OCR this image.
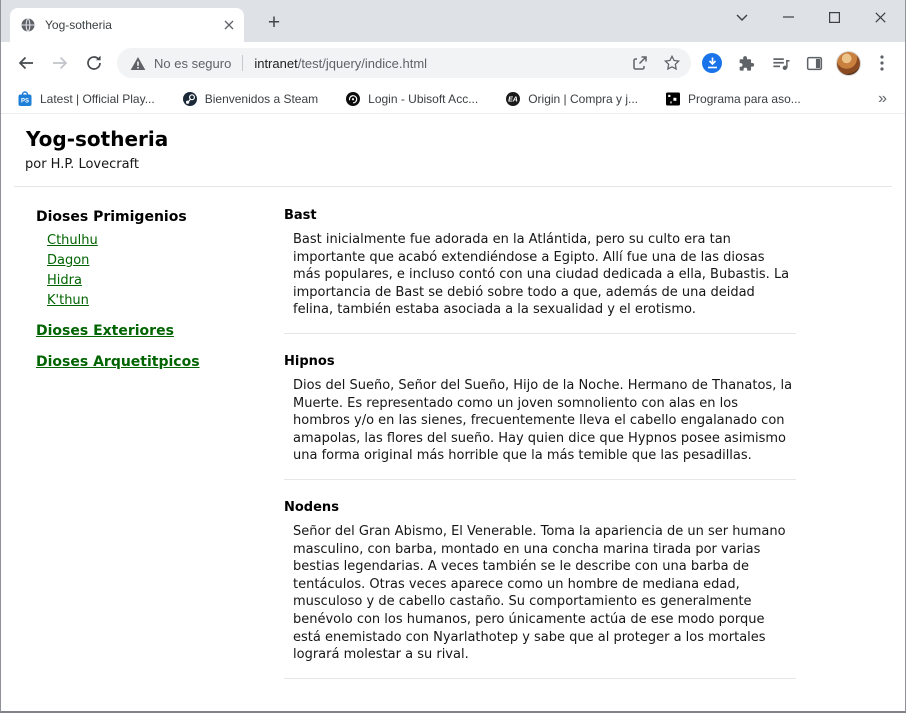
Yog-sotheria	+
No es seguro intranet/test/jquery/indice.html
PS Latest | Official Play...	Bienvenidos a Steam	Login - Ubisoft Acc...	EA Origin | Compra y j...	Programa para aso...	»
Yog-sotheria
por H.P. Lovecraft
Dioses Primigenios
Cthulhu
Dagon
Hidra
K'thun
Dioses Exteriores
Dioses Arquetitpicos
Bast

Bast inicialmente fue adorada en la Atlántida, pero su culto era tan importante que acabó extendiéndose a Egipto. Allí fue una de las diosas más populares, e incluso contó con una ciudad dedicada a ella, Bubastis. La importancia de Bast se debió sobre todo a que, además de una deidad felina, también estaba asociada a la sexualidad y el erotismo.

Hipnos

Dios del Sueño, Señor del Sueño, Hijo de la Noche. Hermano de Thanatos, la Muerte. Es representado como un joven somnoliento con alas en los hombros y/o en las sienes, frecuentemente lleva el cabello engalanado con amapolas, las flores del sueño. Hay quien dice que Hypnos posee asimismo una forma original más horrible que la más temible que las pesadillas.

Nodens

Señor del Gran Abismo, El Venerable. Toma la apariencia de un ser humano masculino, con barba, montado en una concha marina tirada por varias bestias legendarias. A veces también se le describe con una barba de tentáculos. Otras veces aparece como un hombre de mediana edad, musculoso y de cabello castaño. Su comportamiento es generalmente benévolo con los humanos, pero únicamente actúa de ese modo porque está enemistado con Nyarlathotep y sabe que al proteger a los mortales logrará molestar a su rival.
